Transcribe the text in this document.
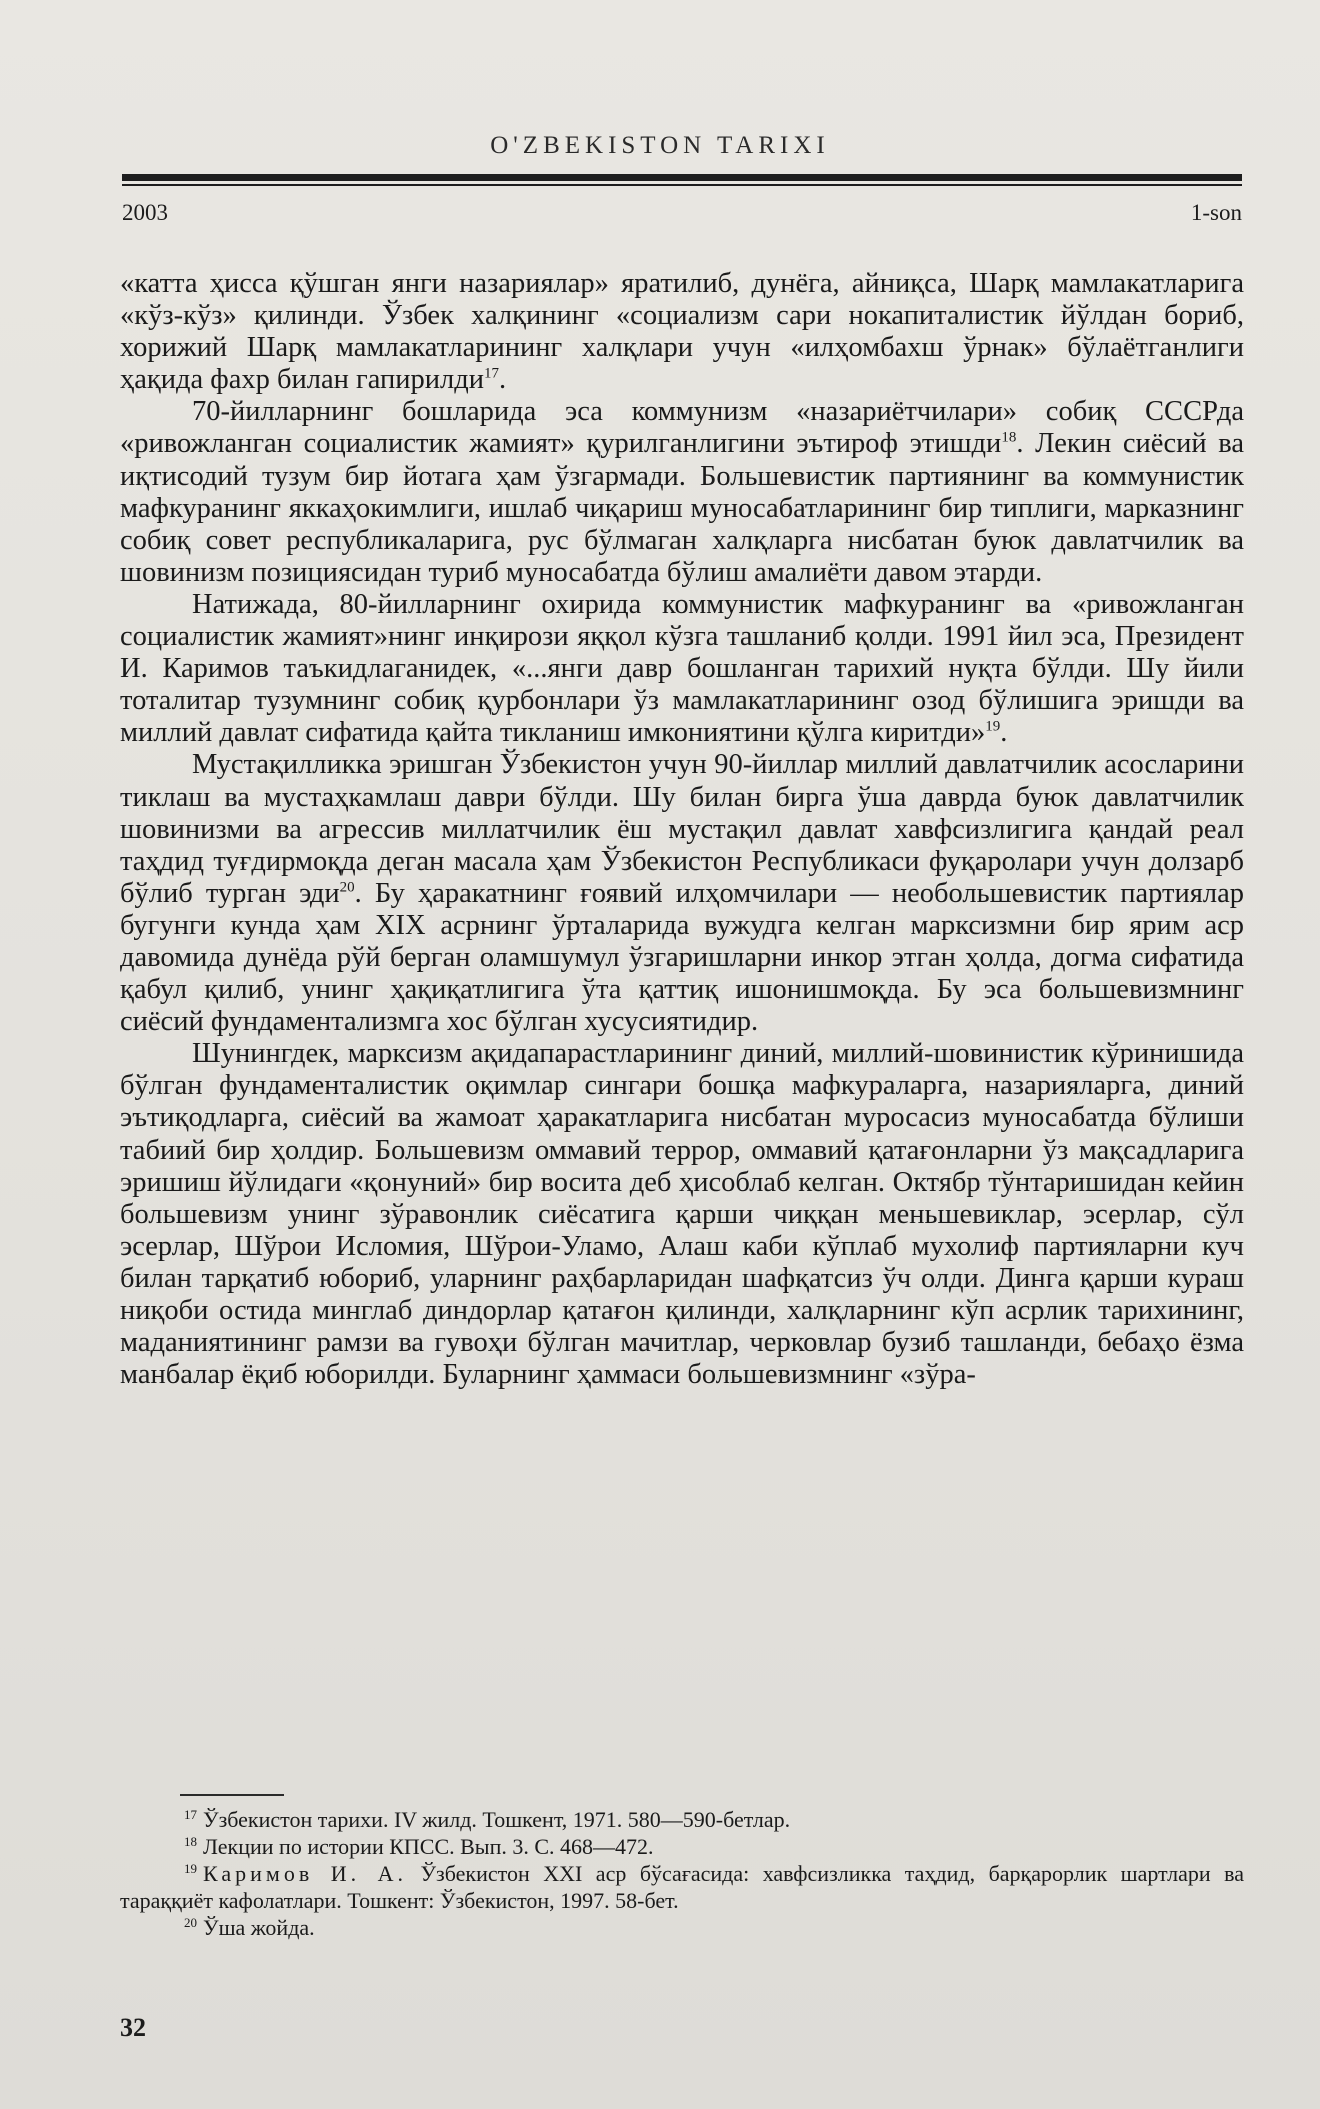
O'ZBEKISTON TARIXI
2003	1-son

«катта ҳисса қўшган янги назариялар» яратилиб, дунёга, айниқса, Шарқ мамлакатларига «кўз-кўз» қилинди. Ўзбек халқининг «социализм сари нокапиталистик йўлдан бориб, хорижий Шарқ мамлакатларининг халқлари учун «илҳомбахш ўрнак» бўлаётганлиги ҳақида фахр билан гапирилди$^{17}$.

70-йилларнинг бошларида эса коммунизм «назариётчилари» собиқ СССРда «ривожланган социалистик жамият» қурилганлигини эътироф этишди$^{18}$. Лекин сиёсий ва иқтисодий тузум бир йотага ҳам ўзгармади. Большевистик партиянинг ва коммунистик мафкуранинг яккаҳокимлиги, ишлаб чиқариш муносабатларининг бир типлиги, марказнинг собиқ совет республикаларига, рус бўлмаган халқларга нисбатан буюк давлатчилик ва шовинизм позициясидан туриб муносабатда бўлиш амалиёти давом этарди.

Натижада, 80-йилларнинг охирида коммунистик мафкуранинг ва «ривожланган социалистик жамият»нинг инқирози яққол кўзга ташланиб қолди. 1991 йил эса, Президент И. Каримов таъкидлаганидек, «...янги давр бошланган тарихий нуқта бўлди. Шу йили тоталитар тузумнинг собиқ қурбонлари ўз мамлакатларининг озод бўлишига эришди ва миллий давлат сифатида қайта тикланиш имкониятини қўлга киритди»$^{19}$.

Мустақилликка эришган Ўзбекистон учун 90-йиллар миллий давлатчилик асосларини тиклаш ва мустаҳкамлаш даври бўлди. Шу билан бирга ўша даврда буюк давлатчилик шовинизми ва агрессив миллатчилик ёш мустақил давлат хавфсизлигига қандай реал таҳдид туғдирмоқда деган масала ҳам Ўзбекистон Республикаси фуқаролари учун долзарб бўлиб турган эди$^{20}$. Бу ҳаракатнинг ғоявий илҳомчилари — необольшевистик партиялар бугунги кунда ҳам XIX асрнинг ўрталарида вужудга келган марксизмни бир ярим аср давомида дунёда рўй берган оламшумул ўзгаришларни инкор этган ҳолда, догма сифатида қабул қилиб, унинг ҳақиқатлигига ўта қаттиқ ишонишмоқда. Бу эса большевизмнинг сиёсий фундаментализмга хос бўлган хусусиятидир.

Шунингдек, марксизм ақидапарастларининг диний, миллий-шовинистик кўринишида бўлган фундаменталистик оқимлар сингари бошқа мафкураларга, назарияларга, диний эътиқодларга, сиёсий ва жамоат ҳаракатларига нисбатан муросасиз муносабатда бўлиши табиий бир ҳолдир. Большевизм оммавий террор, оммавий қатағонларни ўз мақсадларига эришиш йўлидаги «қонуний» бир восита деб ҳисоблаб келган. Октябр тўнтаришидан кейин большевизм унинг зўравонлик сиёсатига қарши чиққан меньшевиклар, эсерлар, сўл эсерлар, Шўрои Исломия, Шўрои-Уламо, Алаш каби кўплаб мухолиф партияларни куч билан тарқатиб юбориб, уларнинг раҳбарларидан шафқатсиз ўч олди. Динга қарши кураш ниқоби остида минглаб диндорлар қатағон қилинди, халқларнинг кўп асрлик тарихининг, маданиятининг рамзи ва гувоҳи бўлган мачитлар, черковлар бузиб ташланди, бебаҳо ёзма манбалар ёқиб юборилди. Буларнинг ҳаммаси большевизмнинг «зўра-

$^{17}$ Ўзбекистон тарихи. IV жилд. Тошкент, 1971. 580—590-бетлар.

$^{18}$ Лекции по истории КПСС. Вып. 3. С. 468—472.

$^{19}$ Каримов И. А. Ўзбекистон XXI аср бўсағасида: хавфсизликка таҳдид, барқарорлик шартлари ва тараққиёт кафолатлари. Тошкент: Ўзбекистон, 1997. 58-бет.

$^{20}$ Ўша жойда.

32
